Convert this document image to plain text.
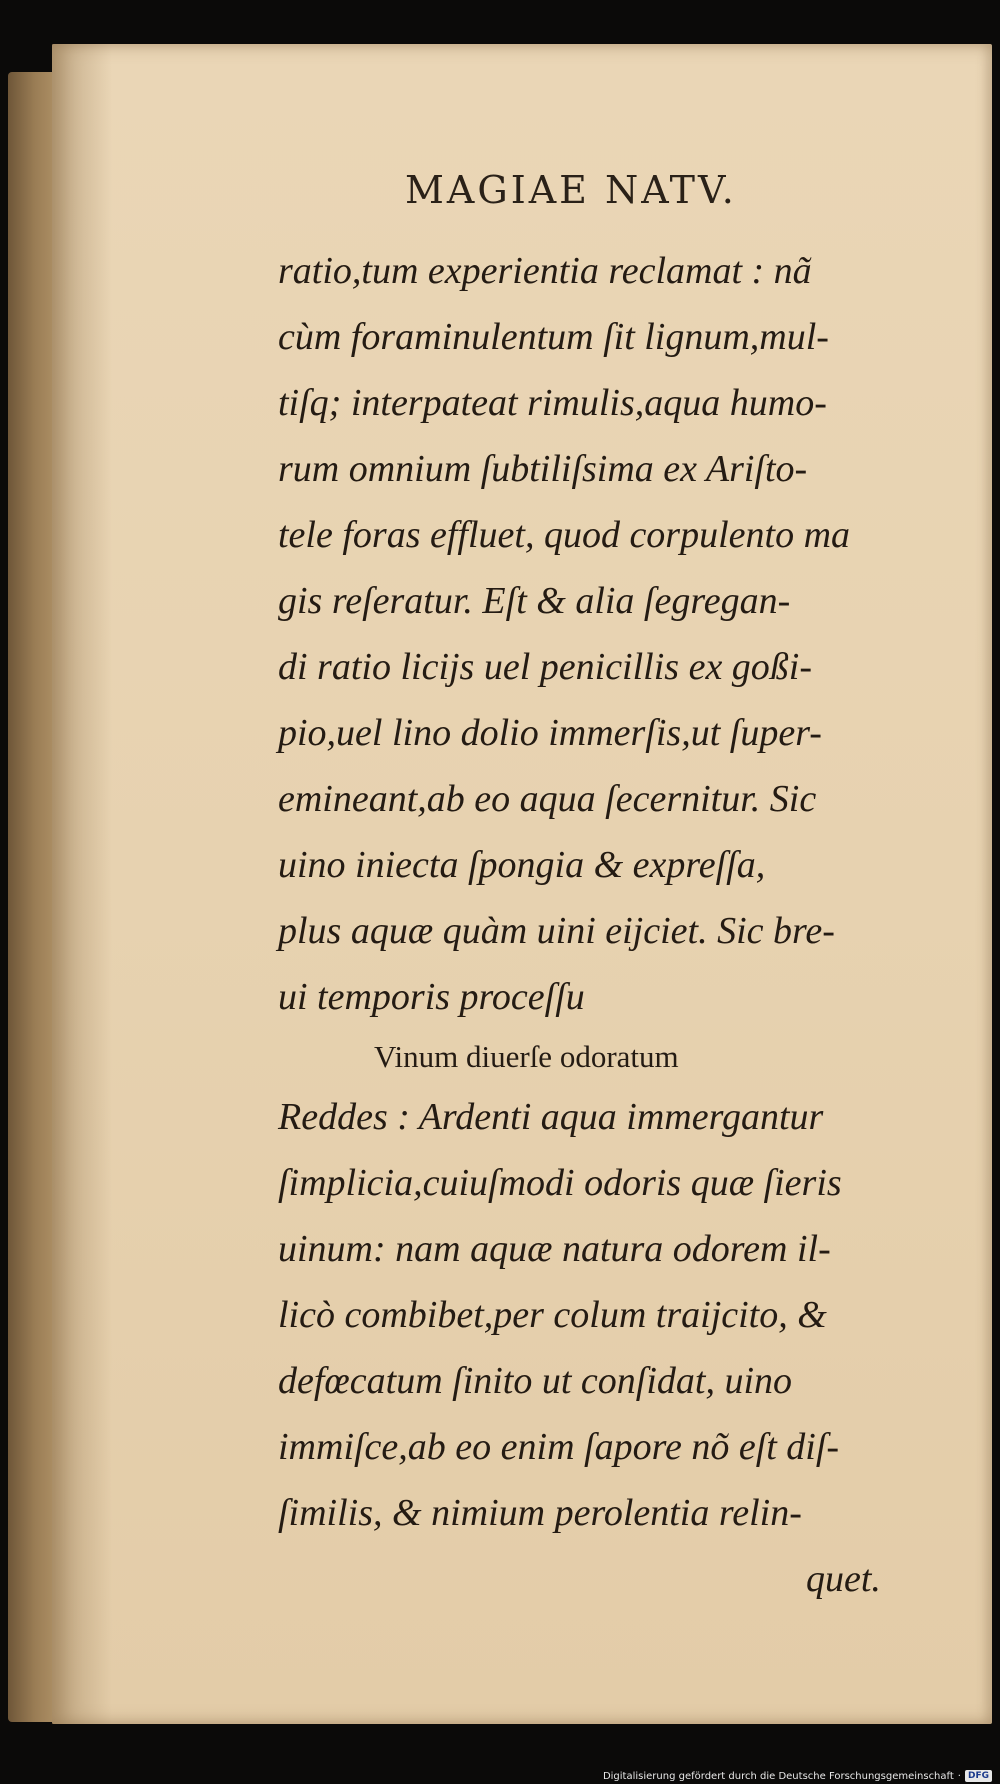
MAGIAE NATV.
ratio,tum experientia reclamat : nã
cùm foraminulentum ſit lignum,mul-
tiſq; interpateat rimulis,aqua humo-
rum omnium ſubtiliſsima ex Ariſto-
tele foras effluet, quod corpulento ma
gis reſeratur. Eſt & alia ſegregan-
di ratio licijs uel penicillis ex goßi-
pio,uel lino dolio immerſis,ut ſuper-
emineant,ab eo aqua ſecernitur. Sic
uino iniecta ſpongia & expreſſa,
plus aquæ quàm uini eijciet. Sic bre-
ui temporis proceſſu
Vinum diuerſe odoratum
Reddes : Ardenti aqua immergantur
ſimplicia,cuiuſmodi odoris quæ ſieris
uinum: nam aquæ natura odorem il-
licò combibet,per colum traijcito, &
defœcatum ſinito ut conſidat, uino
immiſce,ab eo enim ſapore nõ eſt diſ-
ſimilis, & nimium perolentia relin-
quet.
Digitalisierung gefördert durch die Deutsche Forschungsgemeinschaft · DFG
